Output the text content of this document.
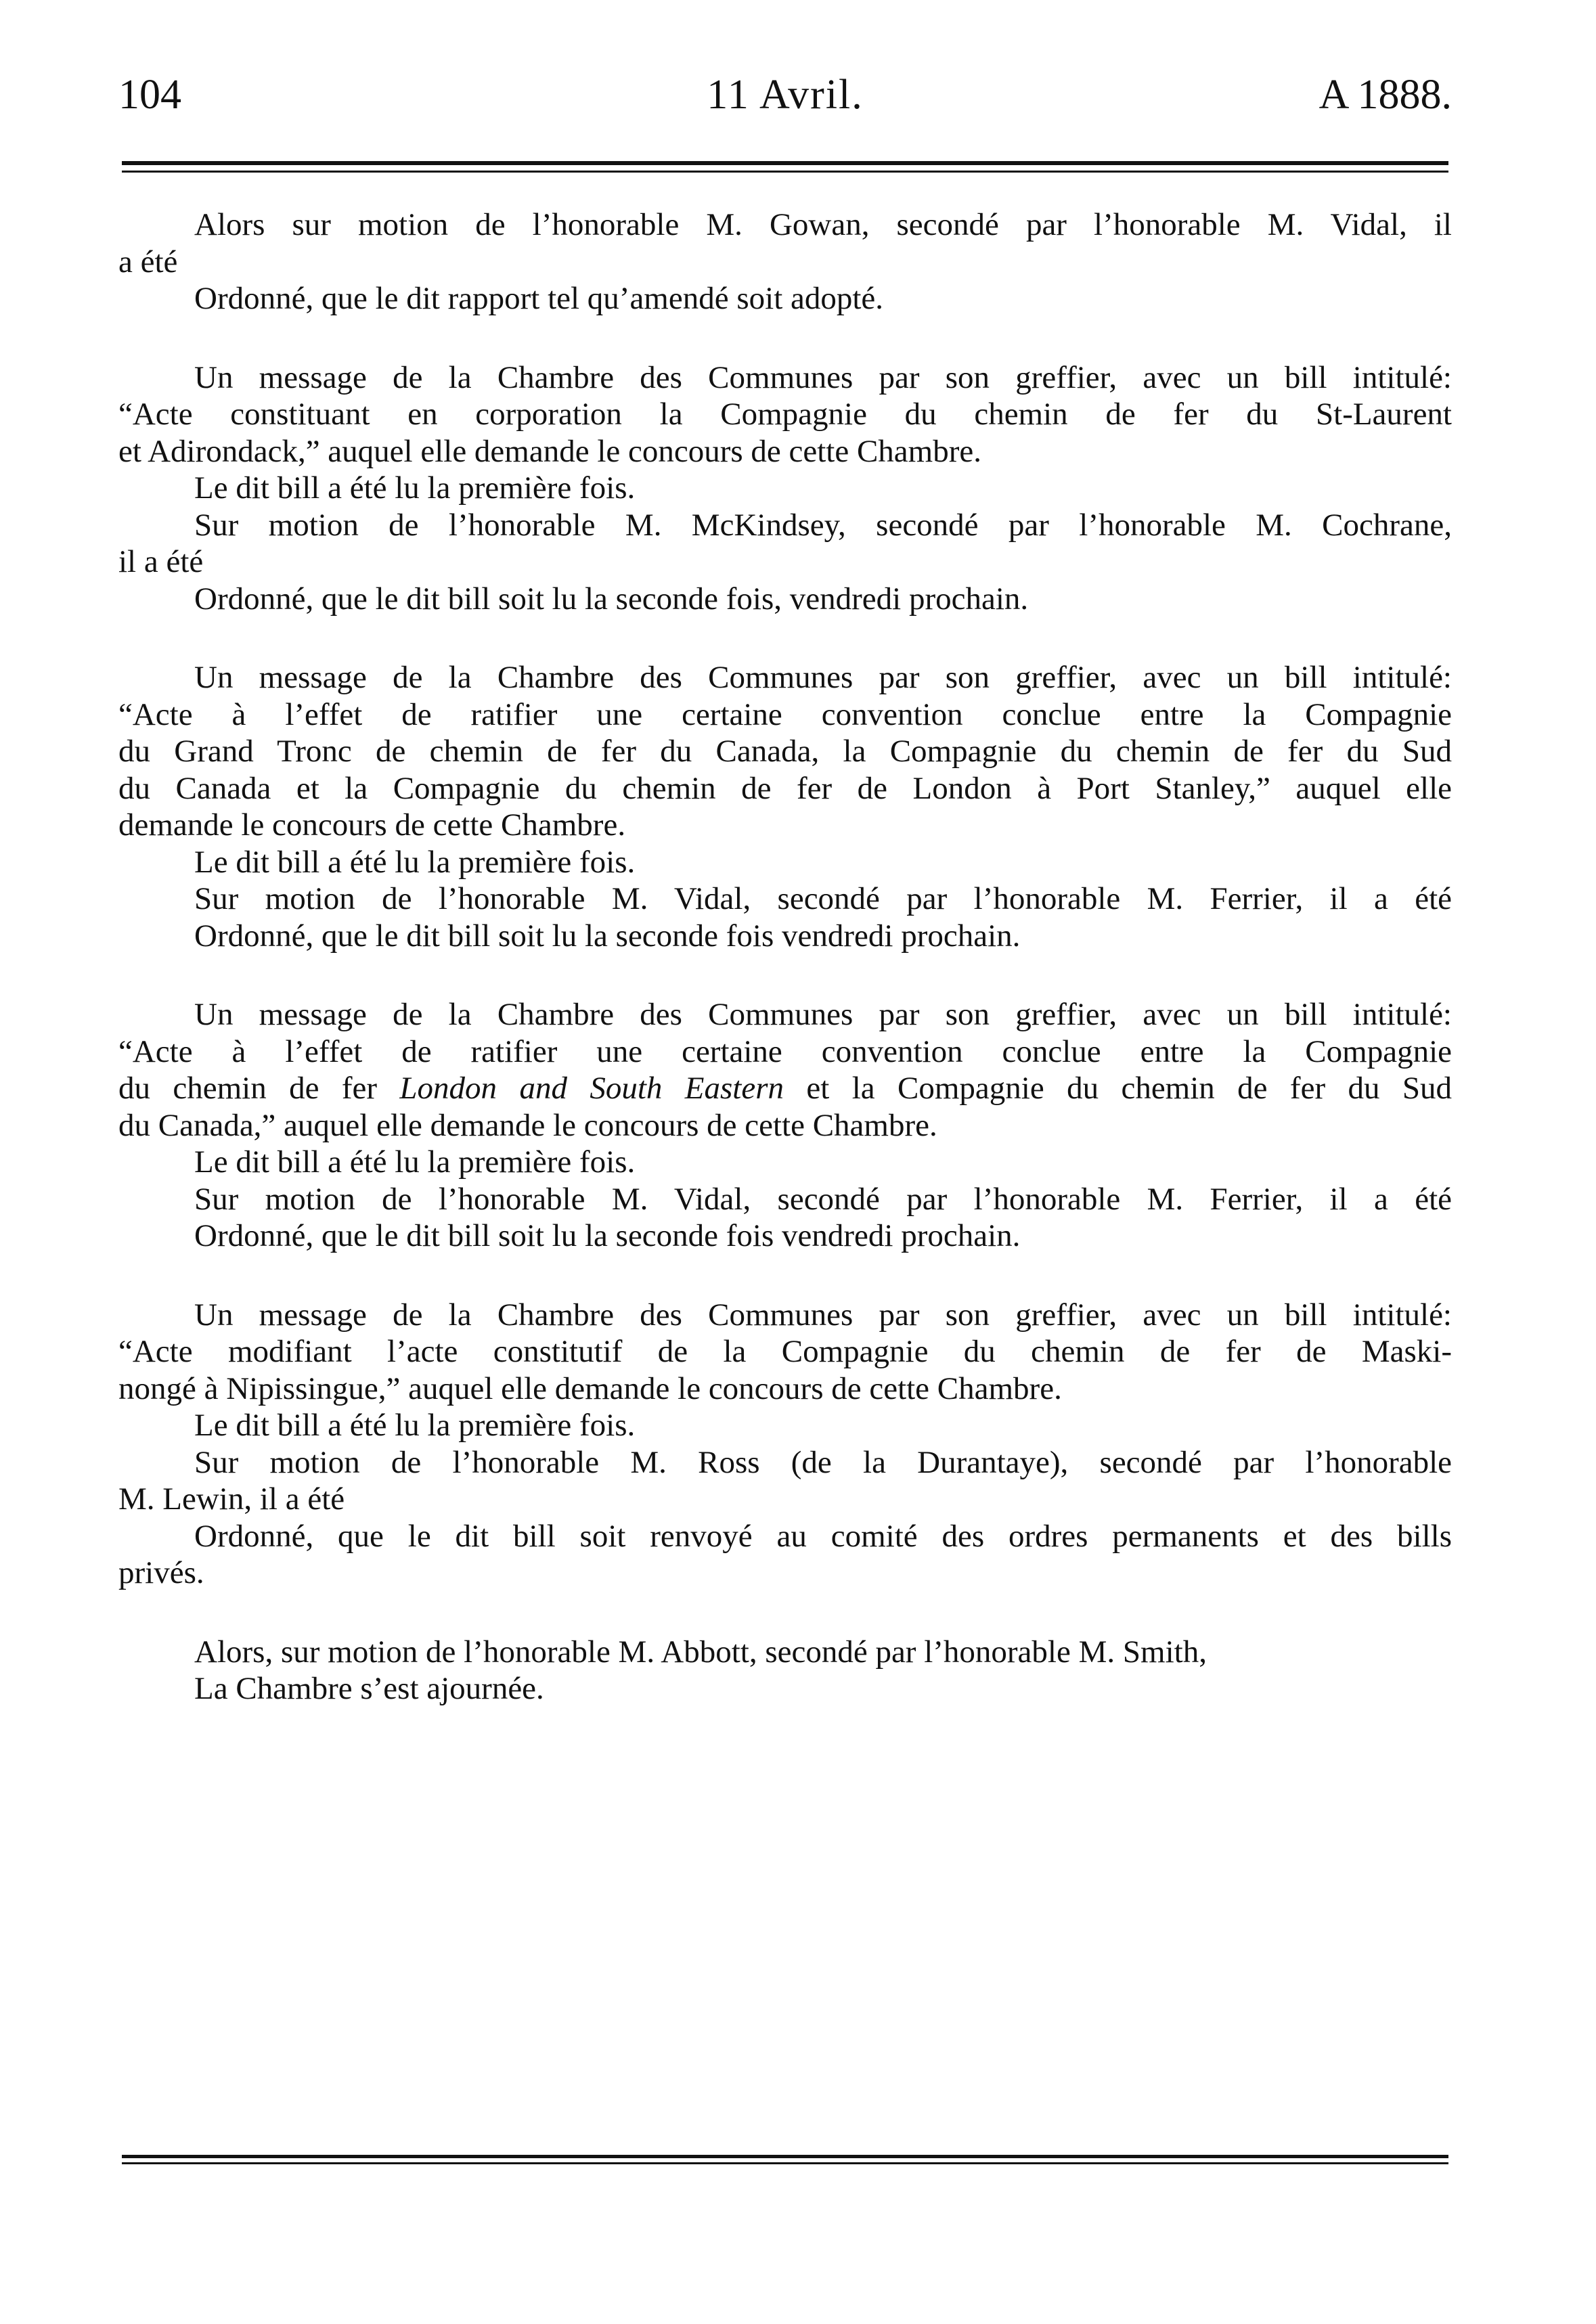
104	11 Avril.	A 1888.
Alors sur motion de l’honorable M. Gowan, secondé par l’honorable M. Vidal, il
a été
Ordonné, que le dit rapport tel qu’amendé soit adopté.
Un message de la Chambre des Communes par son greffier, avec un bill intitulé:
“Acte constituant en corporation la Compagnie du chemin de fer du St-Laurent
et Adirondack,” auquel elle demande le concours de cette Chambre.
Le dit bill a été lu la première fois.
Sur motion de l’honorable M. McKindsey, secondé par l’honorable M. Cochrane,
il a été
Ordonné, que le dit bill soit lu la seconde fois, vendredi prochain.
Un message de la Chambre des Communes par son greffier, avec un bill intitulé:
“Acte à l’effet de ratifier une certaine convention conclue entre la Compagnie
du Grand Tronc de chemin de fer du Canada, la Compagnie du chemin de fer du Sud
du Canada et la Compagnie du chemin de fer de London à Port Stanley,” auquel elle
demande le concours de cette Chambre.
Le dit bill a été lu la première fois.
Sur motion de l’honorable M. Vidal, secondé par l’honorable M. Ferrier, il a été
Ordonné, que le dit bill soit lu la seconde fois vendredi prochain.
Un message de la Chambre des Communes par son greffier, avec un bill intitulé:
“Acte à l’effet de ratifier une certaine convention conclue entre la Compagnie
du chemin de fer London and South Eastern et la Compagnie du chemin de fer du Sud
du Canada,” auquel elle demande le concours de cette Chambre.
Le dit bill a été lu la première fois.
Sur motion de l’honorable M. Vidal, secondé par l’honorable M. Ferrier, il a été
Ordonné, que le dit bill soit lu la seconde fois vendredi prochain.
Un message de la Chambre des Communes par son greffier, avec un bill intitulé:
“Acte modifiant l’acte constitutif de la Compagnie du chemin de fer de Maski-
nongé à Nipissingue,” auquel elle demande le concours de cette Chambre.
Le dit bill a été lu la première fois.
Sur motion de l’honorable M. Ross (de la Durantaye), secondé par l’honorable
M. Lewin, il a été
Ordonné, que le dit bill soit renvoyé au comité des ordres permanents et des bills
privés.
Alors, sur motion de l’honorable M. Abbott, secondé par l’honorable M. Smith,
La Chambre s’est ajournée.
